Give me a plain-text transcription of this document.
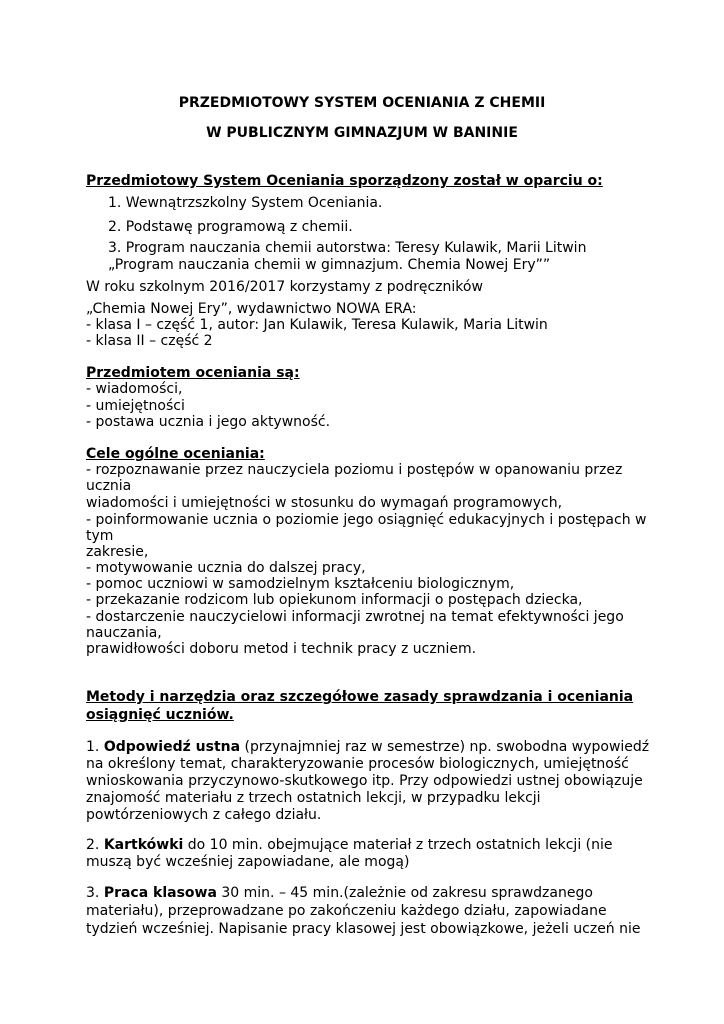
PRZEDMIOTOWY SYSTEM OCENIANIA Z CHEMII
W PUBLICZNYM GIMNAZJUM W BANINIE
Przedmiotowy System Oceniania sporządzony został w oparciu o:
1. Wewnątrzszkolny System Oceniania.
2. Podstawę programową z chemii.
3. Program nauczania chemii autorstwa: Teresy Kulawik, Marii Litwin
„Program nauczania chemii w gimnazjum. Chemia Nowej Ery””
W roku szkolnym 2016/2017 korzystamy z podręczników
„Chemia Nowej Ery”, wydawnictwo NOWA ERA:
- klasa I – część 1, autor: Jan Kulawik, Teresa Kulawik, Maria Litwin
- klasa II – część 2
Przedmiotem oceniania są:
- wiadomości,
- umiejętności
- postawa ucznia i jego aktywność.
Cele ogólne oceniania:
- rozpoznawanie przez nauczyciela poziomu i postępów w opanowaniu przez
ucznia
wiadomości i umiejętności w stosunku do wymagań programowych,
- poinformowanie ucznia o poziomie jego osiągnięć edukacyjnych i postępach w
tym
zakresie,
- motywowanie ucznia do dalszej pracy,
- pomoc uczniowi w samodzielnym kształceniu biologicznym,
- przekazanie rodzicom lub opiekunom informacji o postępach dziecka,
- dostarczenie nauczycielowi informacji zwrotnej na temat efektywności jego
nauczania,
prawidłowości doboru metod i technik pracy z uczniem.
Metody i narzędzia oraz szczegółowe zasady sprawdzania i oceniania
osiągnięć uczniów.
1. Odpowiedź ustna (przynajmniej raz w semestrze) np. swobodna wypowiedź
na określony temat, charakteryzowanie procesów biologicznych, umiejętność
wnioskowania przyczynowo-skutkowego itp. Przy odpowiedzi ustnej obowiązuje
znajomość materiału z trzech ostatnich lekcji, w przypadku lekcji
powtórzeniowych z całego działu.
2. Kartkówki do 10 min. obejmujące materiał z trzech ostatnich lekcji (nie
muszą być wcześniej zapowiadane, ale mogą)
3. Praca klasowa 30 min. – 45 min.(zależnie od zakresu sprawdzanego
materiału), przeprowadzane po zakończeniu każdego działu, zapowiadane
tydzień wcześniej. Napisanie pracy klasowej jest obowiązkowe, jeżeli uczeń nie
